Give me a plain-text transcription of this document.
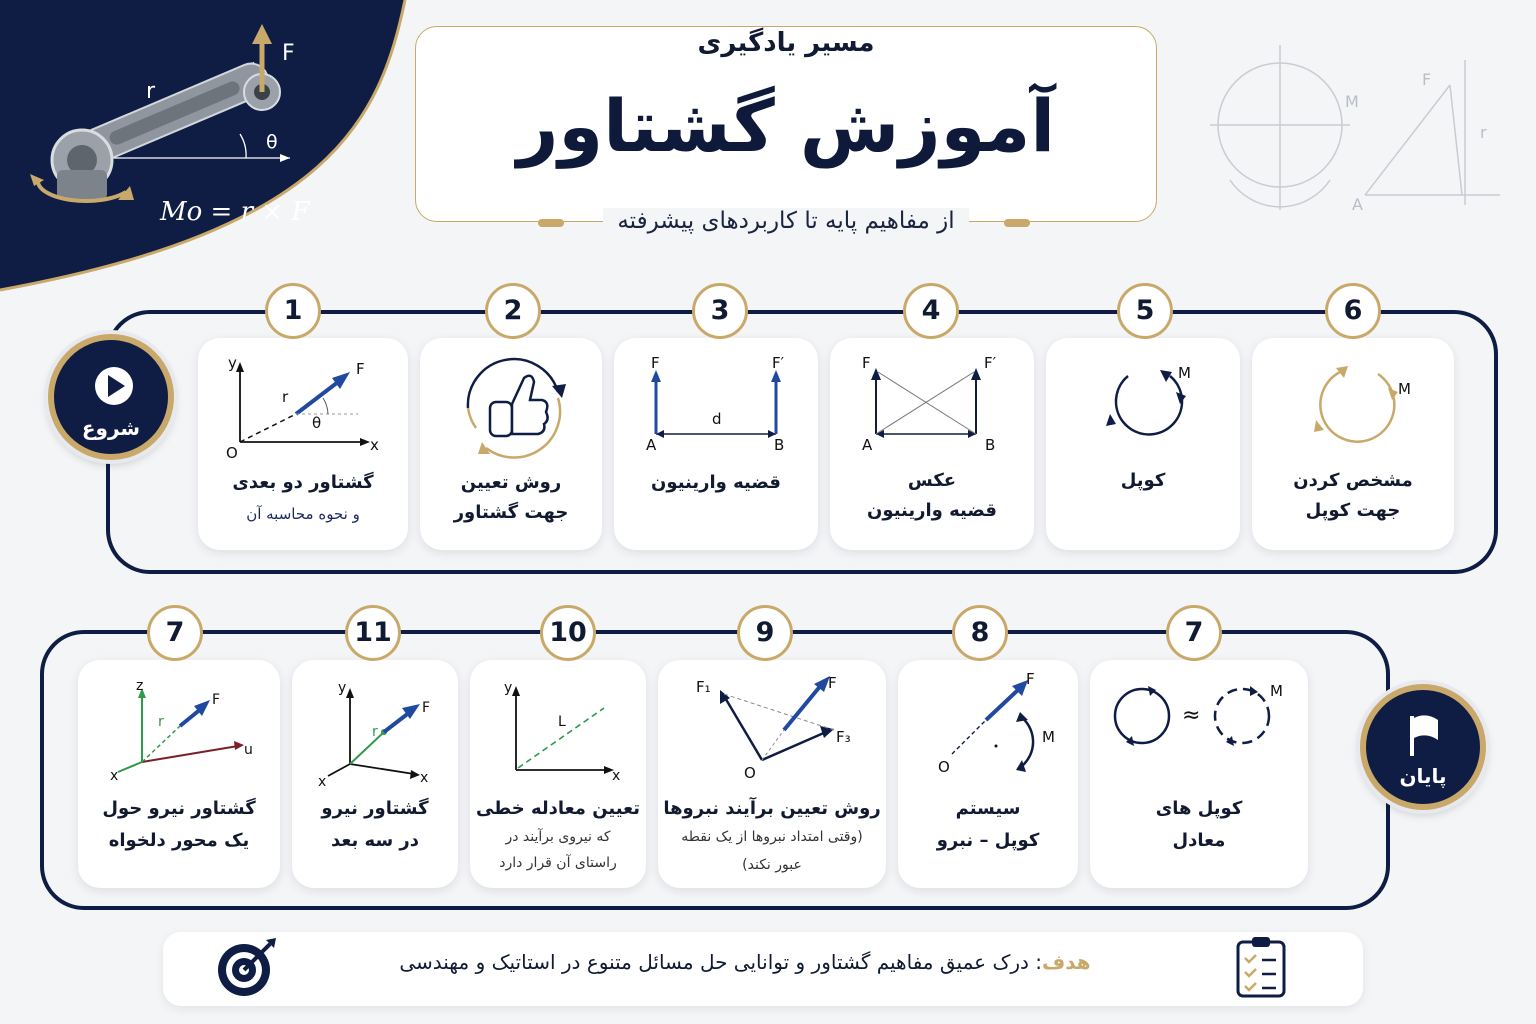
F
r
θ
Mo = r × F
M
F
r
A
مسیر یادگیری
آموزش گشتاور
از مفاهیم پایه تا کاربردهای پیشرفته
y
x
O
r
θ
F
گشتاور دو بعدی
و نحوه محاسبه آن
روش تعیین
جهت گشتاور
F	F′
d
A	B
قضیه وارینیون
F	F′
A	B
عکس
قضیه وارینیون
M
کوپل
M
مشخص کردن
جهت کوپل
1	2	3	4	5	6
z
x
u
F
r
گشتاور نیرو حول
یک محور دلخواه
y
x
x
F
r
گشتاور نیرو
در سه بعد
y
x
L
تعیین معادله خطی
که نیروی برآیند در
راستای آن قرار دارد
F₁	F
F₃
O
روش تعیین برآیند نبروها
(وقتی امتداد نبروها از یک نقطه
عبور نکند)
F
M
O
سیستم
کوپل – نبرو
≈
M
کوپل های
معادل
7	11	10	9	8	7
شروع
پایان
هدف: درک عمیق مفاهیم گشتاور و توانایی حل مسائل متنوع در استاتیک و مهندسی
